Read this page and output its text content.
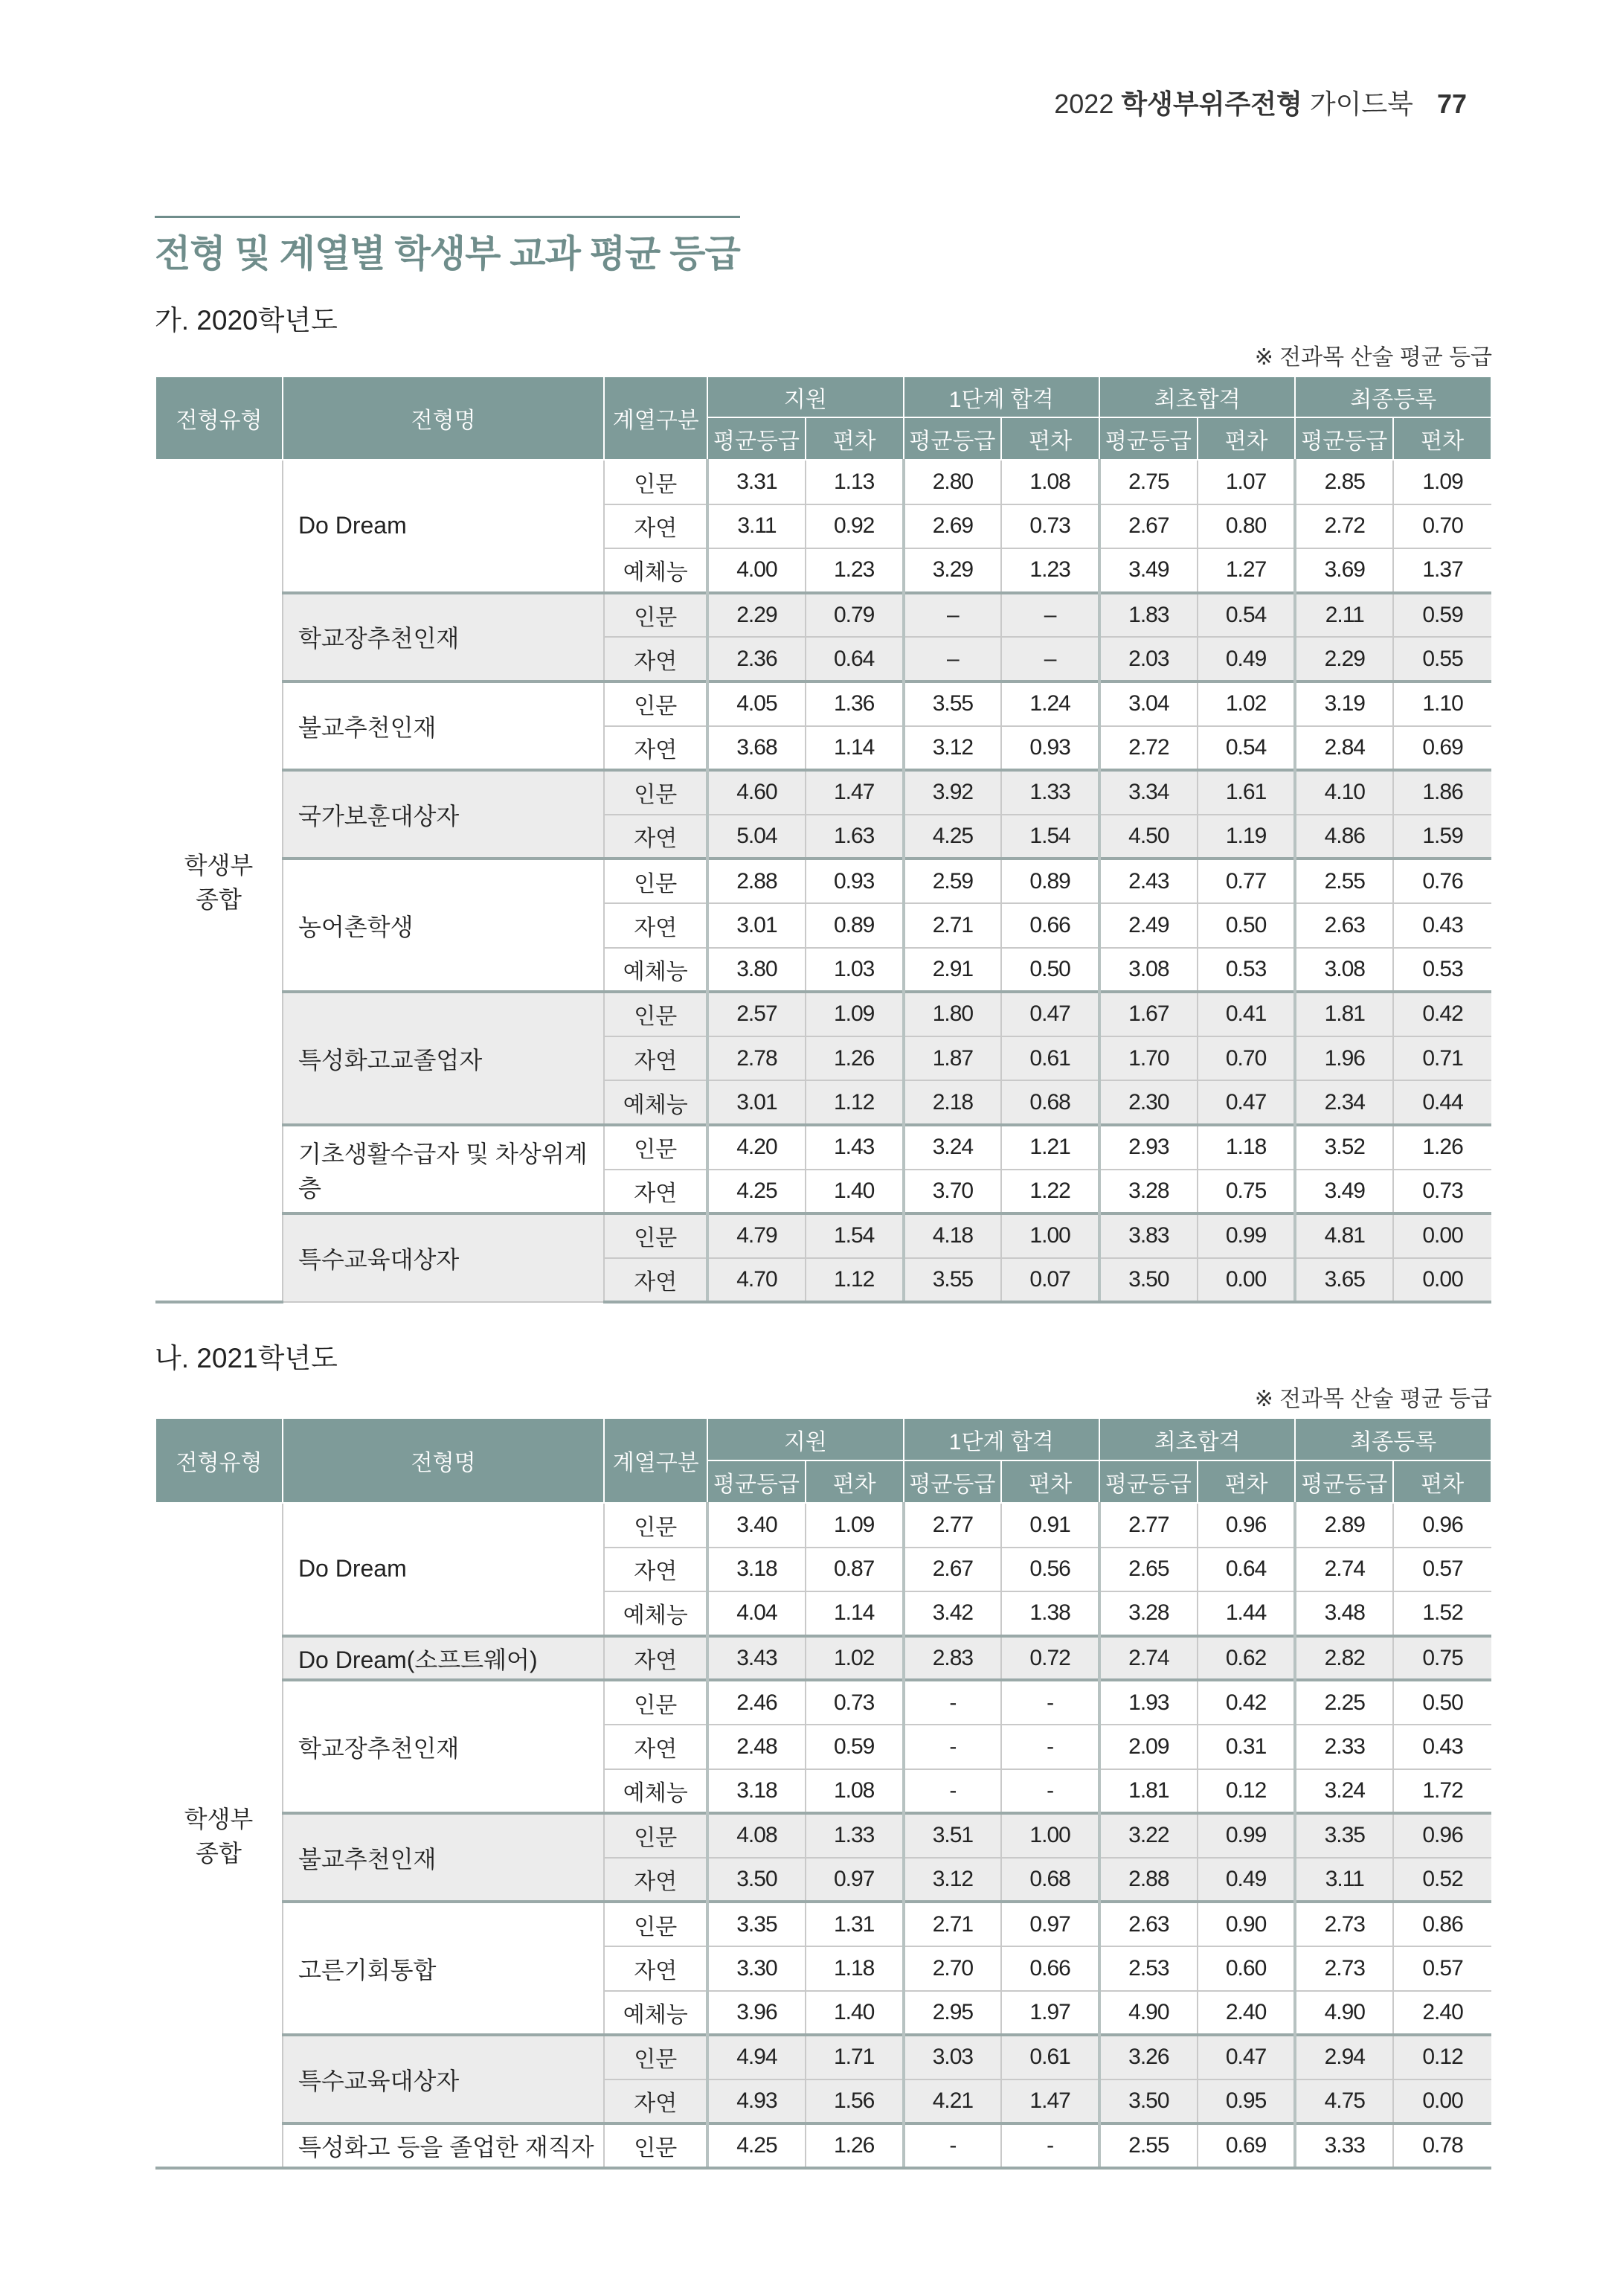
2022 학생부위주전형 가이드북 77
전형 및 계열별 학생부 교과 평균 등급
가. 2020학년도
※ 전과목 산술 평균 등급
전형유형	전형명	계열구분	지원		1단계 합격		최초합격		최종등록	
			평균등급	편차	평균등급	편차	평균등급	편차	평균등급	편차
학생부
종합	Do Dream	인문	3.31	1.13	2.80	1.08	2.75	1.07	2.85	1.09
		자연	3.11	0.92	2.69	0.73	2.67	0.80	2.72	0.70
		예체능	4.00	1.23	3.29	1.23	3.49	1.27	3.69	1.37
	학교장추천인재	인문	2.29	0.79	–	–	1.83	0.54	2.11	0.59
		자연	2.36	0.64	–	–	2.03	0.49	2.29	0.55
	불교추천인재	인문	4.05	1.36	3.55	1.24	3.04	1.02	3.19	1.10
		자연	3.68	1.14	3.12	0.93	2.72	0.54	2.84	0.69
	국가보훈대상자	인문	4.60	1.47	3.92	1.33	3.34	1.61	4.10	1.86
		자연	5.04	1.63	4.25	1.54	4.50	1.19	4.86	1.59
	농어촌학생	인문	2.88	0.93	2.59	0.89	2.43	0.77	2.55	0.76
		자연	3.01	0.89	2.71	0.66	2.49	0.50	2.63	0.43
		예체능	3.80	1.03	2.91	0.50	3.08	0.53	3.08	0.53
	특성화고교졸업자	인문	2.57	1.09	1.80	0.47	1.67	0.41	1.81	0.42
		자연	2.78	1.26	1.87	0.61	1.70	0.70	1.96	0.71
		예체능	3.01	1.12	2.18	0.68	2.30	0.47	2.34	0.44
	기초생활수급자 및 차상위계층	인문	4.20	1.43	3.24	1.21	2.93	1.18	3.52	1.26
		자연	4.25	1.40	3.70	1.22	3.28	0.75	3.49	0.73
	특수교육대상자	인문	4.79	1.54	4.18	1.00	3.83	0.99	4.81	0.00
		자연	4.70	1.12	3.55	0.07	3.50	0.00	3.65	0.00
나. 2021학년도
※ 전과목 산술 평균 등급
전형유형	전형명	계열구분	지원		1단계 합격		최초합격		최종등록	
			평균등급	편차	평균등급	편차	평균등급	편차	평균등급	편차
학생부
종합	Do Dream	인문	3.40	1.09	2.77	0.91	2.77	0.96	2.89	0.96
		자연	3.18	0.87	2.67	0.56	2.65	0.64	2.74	0.57
		예체능	4.04	1.14	3.42	1.38	3.28	1.44	3.48	1.52
	Do Dream(소프트웨어)	자연	3.43	1.02	2.83	0.72	2.74	0.62	2.82	0.75
	학교장추천인재	인문	2.46	0.73	-	-	1.93	0.42	2.25	0.50
		자연	2.48	0.59	-	-	2.09	0.31	2.33	0.43
		예체능	3.18	1.08	-	-	1.81	0.12	3.24	1.72
	불교추천인재	인문	4.08	1.33	3.51	1.00	3.22	0.99	3.35	0.96
		자연	3.50	0.97	3.12	0.68	2.88	0.49	3.11	0.52
	고른기회통합	인문	3.35	1.31	2.71	0.97	2.63	0.90	2.73	0.86
		자연	3.30	1.18	2.70	0.66	2.53	0.60	2.73	0.57
		예체능	3.96	1.40	2.95	1.97	4.90	2.40	4.90	2.40
	특수교육대상자	인문	4.94	1.71	3.03	0.61	3.26	0.47	2.94	0.12
		자연	4.93	1.56	4.21	1.47	3.50	0.95	4.75	0.00
	특성화고 등을 졸업한 재직자	인문	4.25	1.26	-	-	2.55	0.69	3.33	0.78
